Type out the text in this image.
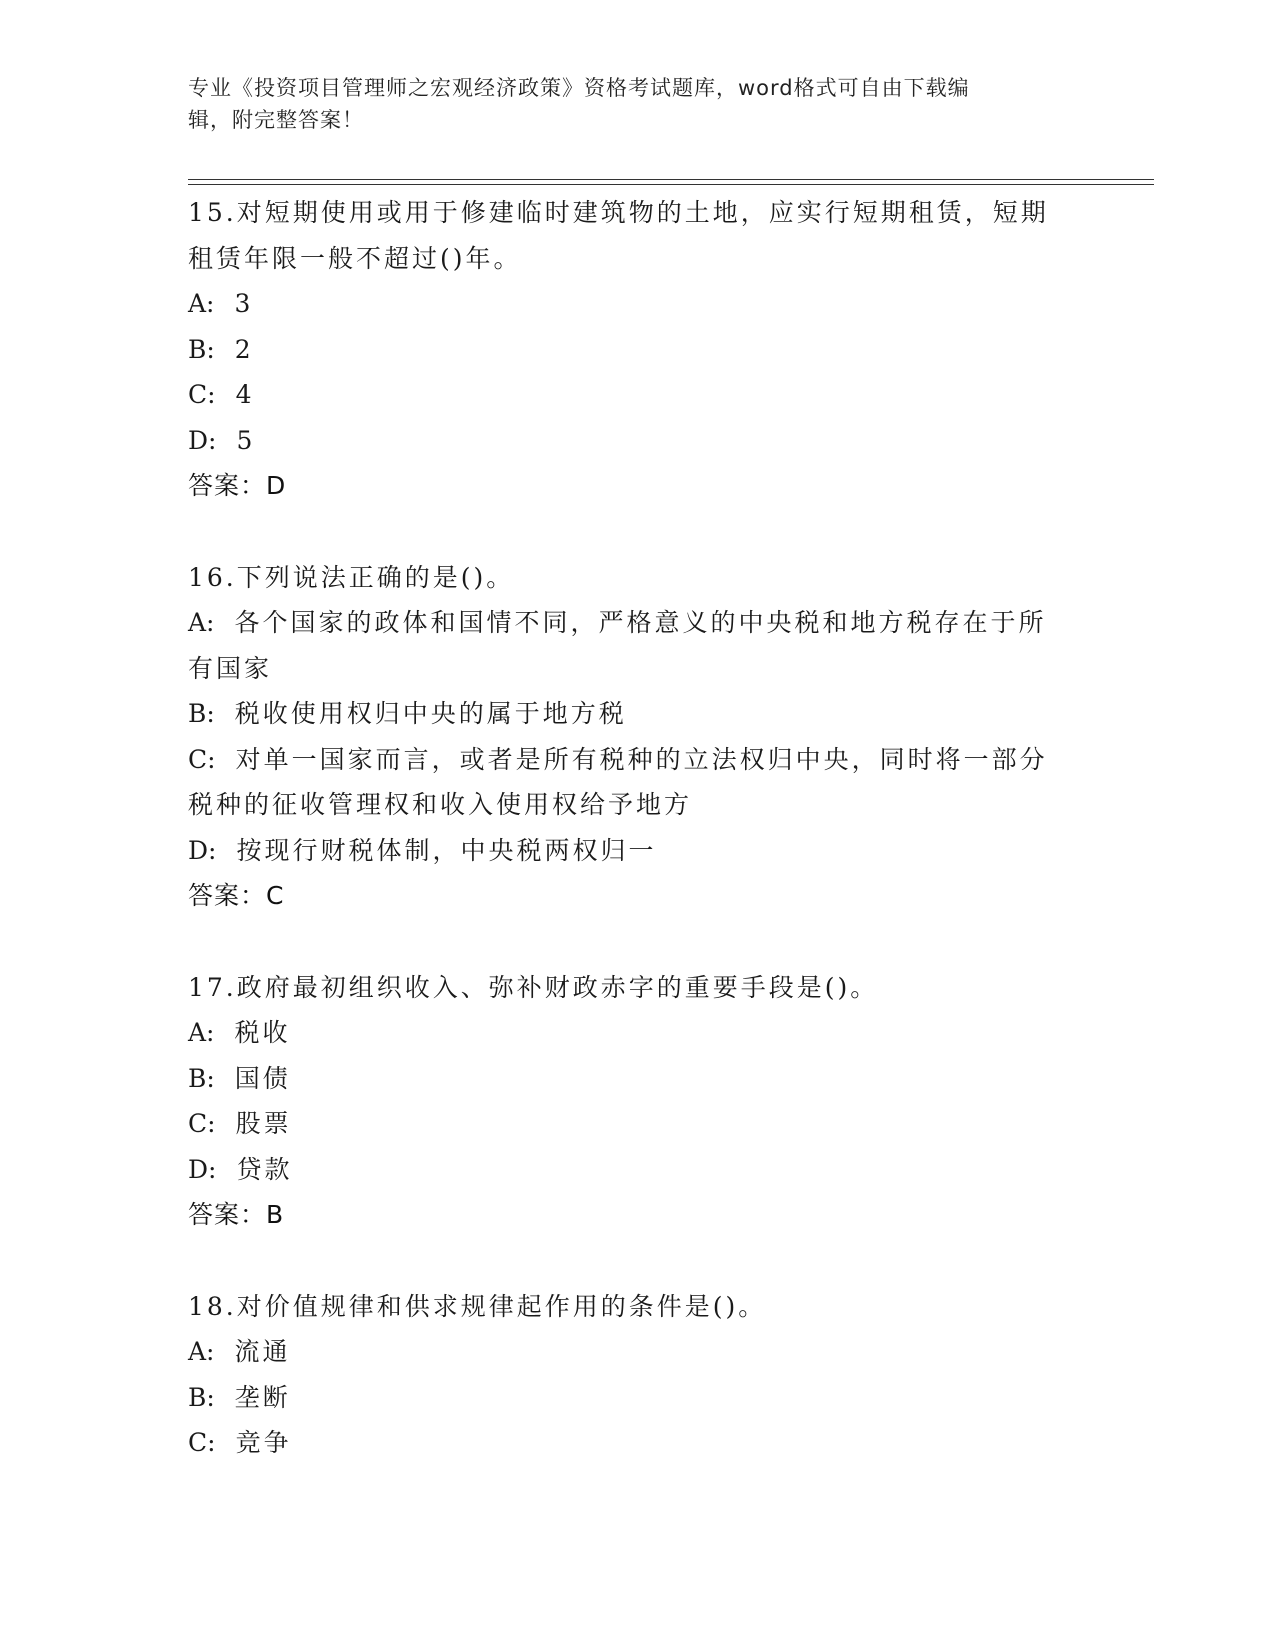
专业《投资项目管理师之宏观经济政策》资格考试题库，word格式可自由下载编
辑，附完整答案！

15.对短期使用或用于修建临时建筑物的土地，应实行短期租赁，短期

租赁年限一般不超过()年。

A: 3

B: 2

C: 4

D: 5

答案：D

16.下列说法正确的是()。

A: 各个国家的政体和国情不同，严格意义的中央税和地方税存在于所

有国家

B: 税收使用权归中央的属于地方税

C: 对单一国家而言，或者是所有税种的立法权归中央，同时将一部分

税种的征收管理权和收入使用权给予地方

D: 按现行财税体制，中央税两权归一

答案：C

17.政府最初组织收入、弥补财政赤字的重要手段是()。

A: 税收

B: 国债

C: 股票

D: 贷款

答案：B

18.对价值规律和供求规律起作用的条件是()。

A: 流通

B: 垄断

C: 竞争
